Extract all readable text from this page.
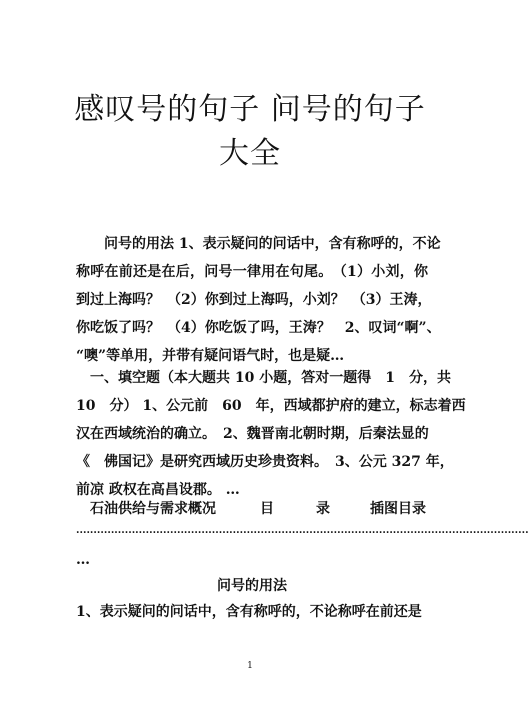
感叹号的句子 问号的句子
大全
　　问号的用法 1、表示疑问的问话中，含有称呼的，不论
称呼在前还是在后，问号一律用在句尾。　（1）小刘，你
到过上海吗？　（2）你到过上海吗，小刘？　（3）王涛，
你吃饭了吗？　（4）你吃饭了吗，王涛？　2、叹词“啊”、
“噢”等单用，并带有疑问语气时，也是疑…
　一、填空题（本大题共 10 小题，答对一题得　1　分，共
10　分） 1、公元前　60　年，西域都护府的建立，标志着西
汉在西域统治的确立。　2、魏晋南北朝时期，后秦法显的
《　佛国记》是研究西域历史珍贵资料。　3、公元 327 年，
前凉 政权在高昌设郡。 …
石油供给与需求概况	目	录	插图目录
..................................................................................................................................
…
问号的用法
1、表示疑问的问话中，含有称呼的，不论称呼在前还是
1
